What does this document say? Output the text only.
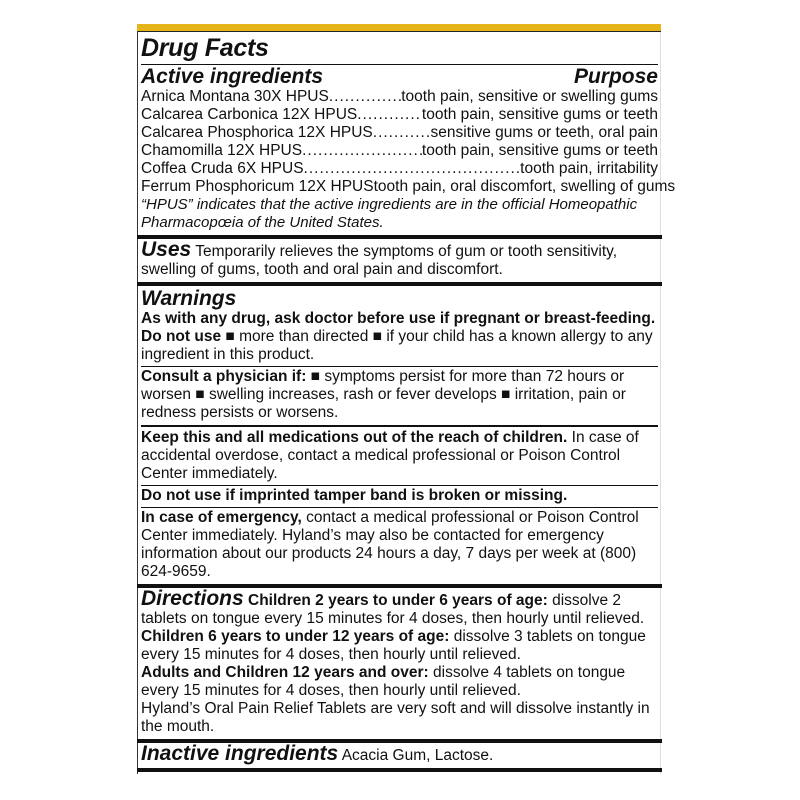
Drug Facts
Active ingredients	Purpose
Arnica Montana 30X HPUS .....	tooth pain, sensitive or swelling gums
Calcarea Carbonica 12X HPUS .....	tooth pain, sensitive gums or teeth
Calcarea Phosphorica 12X HPUS .....	sensitive gums or teeth, oral pain
Chamomilla 12X HPUS .....	tooth pain, sensitive gums or teeth
Coffea Cruda 6X HPUS .....	tooth pain, irritability
Ferrum Phosphoricum 12X HPUS tooth pain, oral discomfort, swelling of gums
“HPUS” indicates that the active ingredients are in the official Homeopathic Pharmacopœia of the United States.
Uses Temporarily relieves the symptoms of gum or tooth sensitivity, swelling of gums, tooth and oral pain and discomfort.
Warnings
As with any drug, ask doctor before use if pregnant or breast-feeding.
Do not use ■ more than directed ■ if your child has a known allergy to any ingredient in this product.
Consult a physician if: ■ symptoms persist for more than 72 hours or worsen ■ swelling increases, rash or fever develops ■ irritation, pain or redness persists or worsens.
Keep this and all medications out of the reach of children. In case of accidental overdose, contact a medical professional or Poison Control Center immediately.
Do not use if imprinted tamper band is broken or missing.
In case of emergency, contact a medical professional or Poison Control Center immediately. Hyland’s may also be contacted for emergency information about our products 24 hours a day, 7 days per week at (800) 624-9659.
Directions Children 2 years to under 6 years of age: dissolve 2 tablets on tongue every 15 minutes for 4 doses, then hourly until relieved.
Children 6 years to under 12 years of age: dissolve 3 tablets on tongue every 15 minutes for 4 doses, then hourly until relieved.
Adults and Children 12 years and over: dissolve 4 tablets on tongue every 15 minutes for 4 doses, then hourly until relieved.
Hyland’s Oral Pain Relief Tablets are very soft and will dissolve instantly in the mouth.
Inactive ingredients Acacia Gum, Lactose.
